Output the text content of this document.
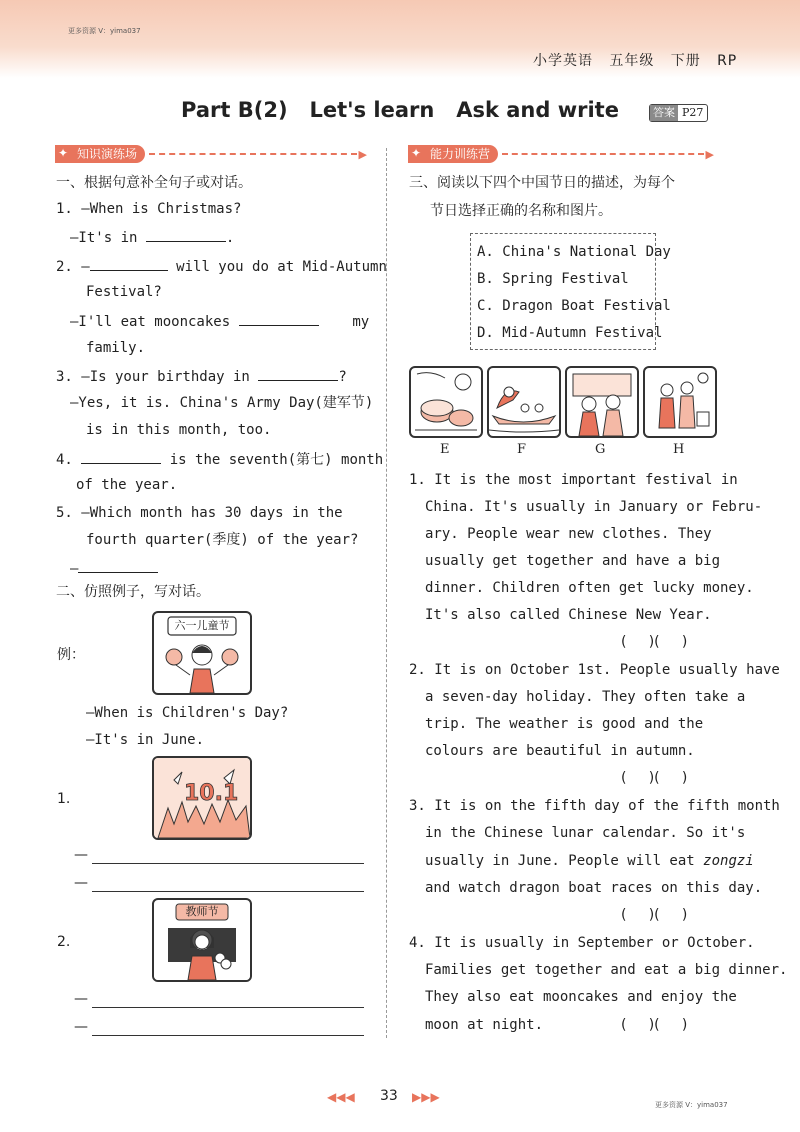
更多资源 V：yima037
小学英语 五年级 下册 RP
Part B(2)   Let's learn   Ask and write	答案 P27
✦ 知识演练场	▶
一、根据句意补全句子或对话。
1. —When is Christmas?
—It's in	.
2. —	will you do at Mid-Autumn
Festival?
—I'll eat mooncakes	my
family.
3. —Is your birthday in	?
—Yes, it is. China's Army Day(建军节)
is in this month, too.
4.	is the seventh(第七) month
of the year.
5. —Which month has 30 days in the
fourth quarter(季度) of the year?
—
二、仿照例子，写对话。
例：
六一儿童节
—When is Children's Day?
—It's in June.
1.	10.1
—
—
2.
教师节
—
—
✦ 能力训练营	▶
三、阅读以下四个中国节日的描述，为每个
节日选择正确的名称和图片。
A. China's National Day
B. Spring Festival
C. Dragon Boat Festival
D. Mid-Autumn Festival
E	F	G	H
1. It is the most important festival in
China. It's usually in January or Febru-
ary. People wear new clothes. They
usually get together and have a big
dinner. Children often get lucky money.
It's also called Chinese New Year.
(     )(     )
2. It is on October 1st. People usually have
a seven-day holiday. They often take a
trip. The weather is good and the
colours are beautiful in autumn.
(     )(     )
3. It is on the fifth day of the fifth month
in the Chinese lunar calendar. So it's
usually in June. People will eat zongzi
and watch dragon boat races on this day.
(     )(     )
4. It is usually in September or October.
Families get together and eat a big dinner.
They also eat mooncakes and enjoy the
moon at night.	(     )(     )
◀◀◀ 33 ▶▶▶
更多资源 V：yima037
